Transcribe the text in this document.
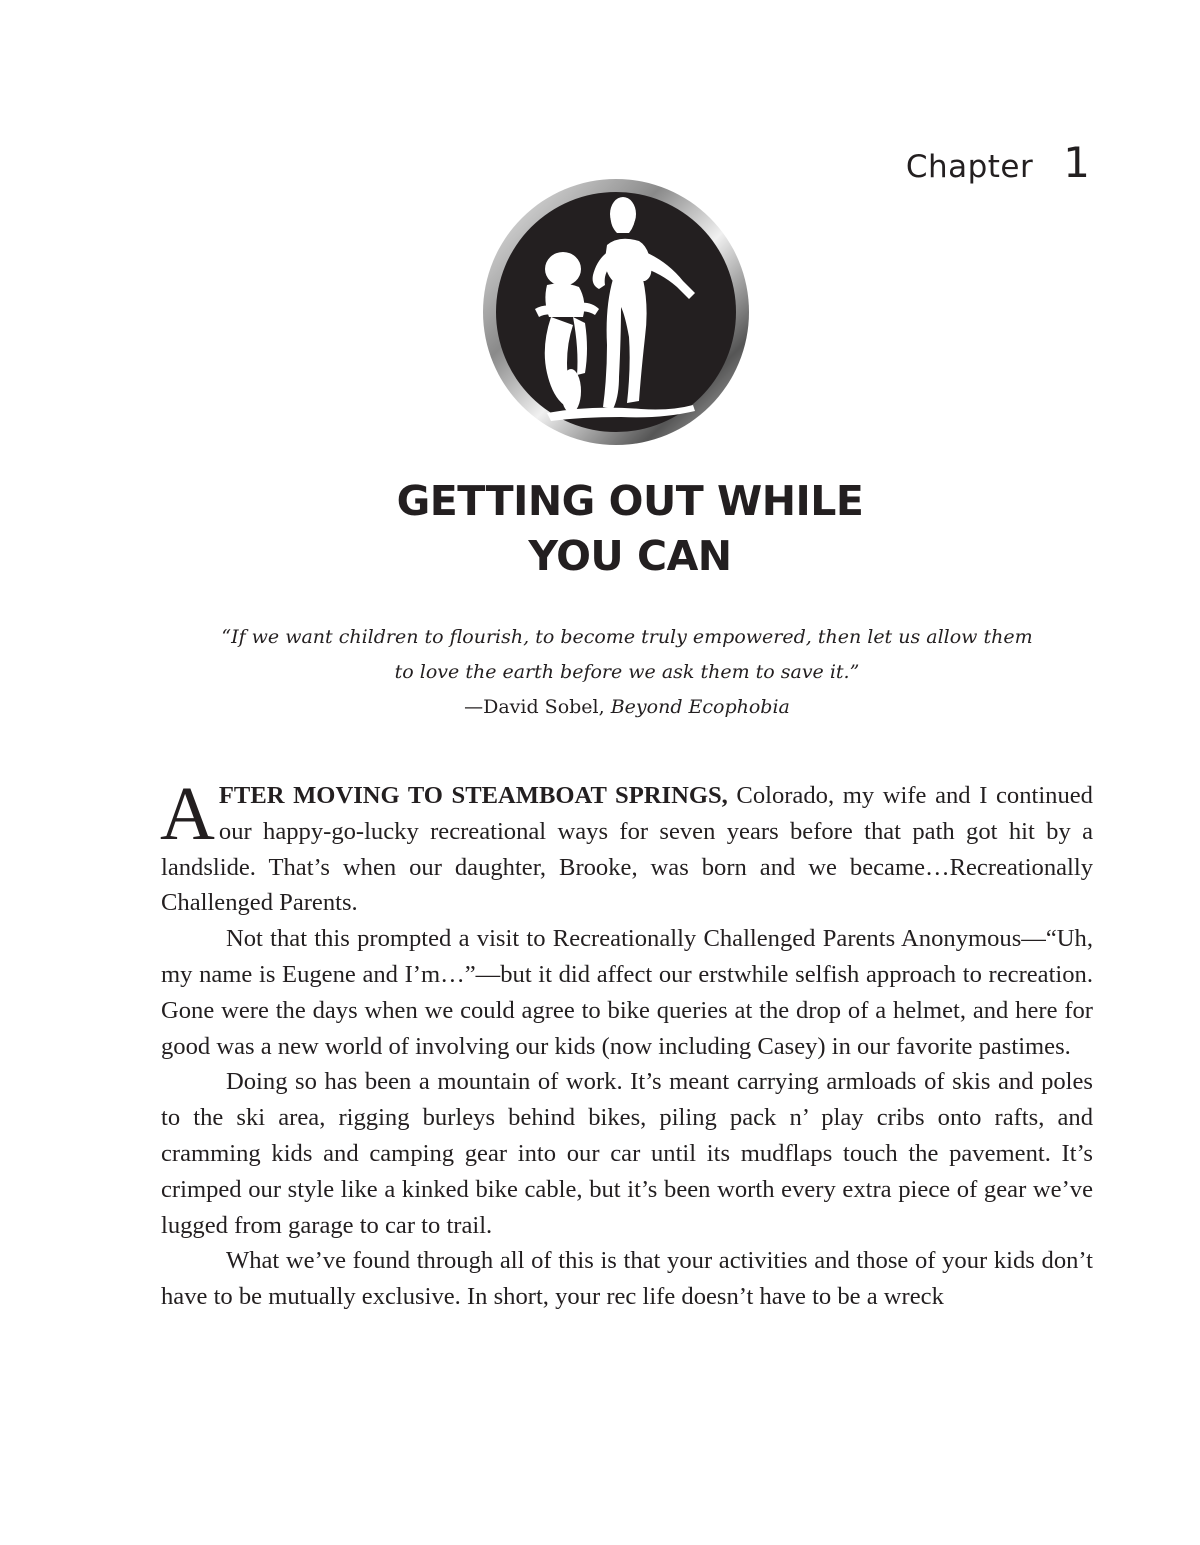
Chapter 1
GETTING OUT WHILE
YOU CAN
“If we want children to flourish, to become truly empowered, then let us allow them
to love the earth before we ask them to save it.”
—David Sobel, Beyond Ecophobia

AFTER MOVING TO STEAMBOAT SPRINGS, Colorado, my wife and I continued our happy-go-lucky recreational ways for seven years before that path got hit by a landslide. That’s when our daughter, Brooke, was born and we became…Recreationally Challenged Parents.

Not that this prompted a visit to Recreationally Challenged Parents Anonymous—“Uh, my name is Eugene and I’m…”—but it did affect our erstwhile selfish approach to recreation. Gone were the days when we could agree to bike queries at the drop of a helmet, and here for good was a new world of involving our kids (now including Casey) in our favorite pastimes.

Doing so has been a mountain of work. It’s meant carrying armloads of skis and poles to the ski area, rigging burleys behind bikes, piling pack n’ play cribs onto rafts, and cramming kids and camping gear into our car until its mudflaps touch the pavement. It’s crimped our style like a kinked bike cable, but it’s been worth every extra piece of gear we’ve lugged from garage to car to trail.

What we’ve found through all of this is that your activities and those of your kids don’t have to be mutually exclusive. In short, your rec life doesn’t have to be a wreck
